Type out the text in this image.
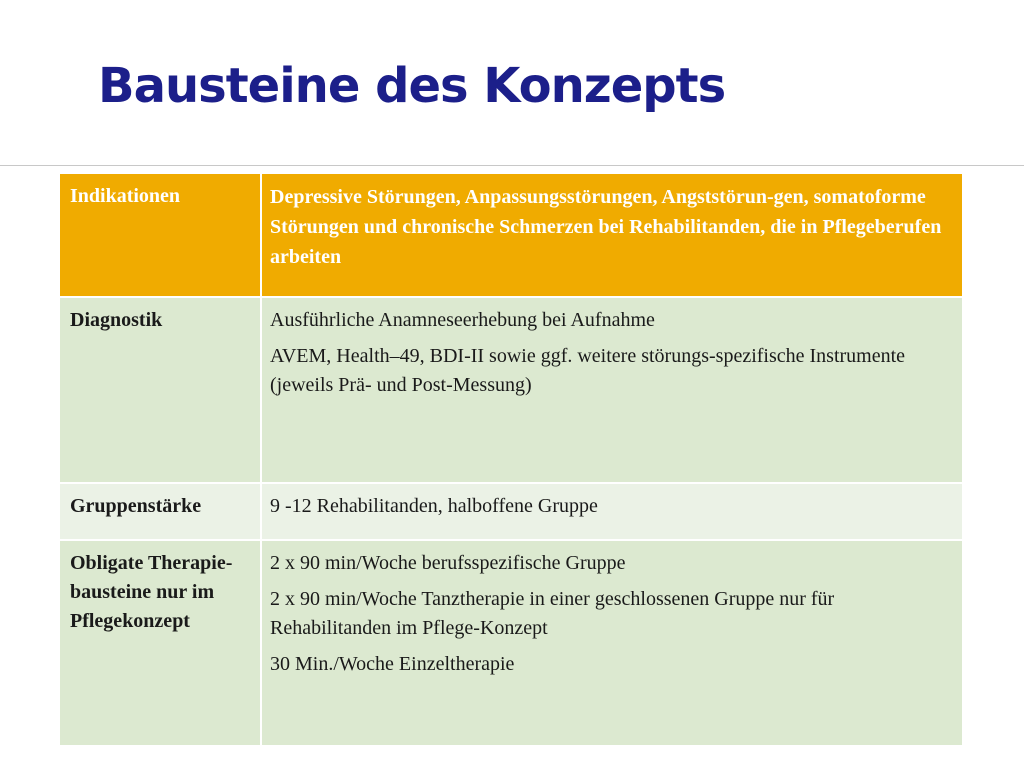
Bausteine des Konzepts
Indikationen	Depressive Störungen, Anpassungsstörungen, Angststörun-gen, somatoforme Störungen und chronische Schmerzen bei Rehabilitanden, die in Pflegeberufen arbeiten

Diagnostik	Ausführliche Anamneseerhebung bei Aufnahme

AVEM, Health–49, BDI-II sowie ggf. weitere störungs-spezifische Instrumente (jeweils Prä- und Post-Messung)

Gruppenstärke	9 -12 Rehabilitanden, halboffene Gruppe

Obligate Therapie-bausteine nur im Pflegekonzept	2 x 90 min/Woche berufsspezifische Gruppe

2 x 90 min/Woche Tanztherapie in einer geschlossenen Gruppe nur für Rehabilitanden im Pflege-Konzept

30 Min./Woche Einzeltherapie
